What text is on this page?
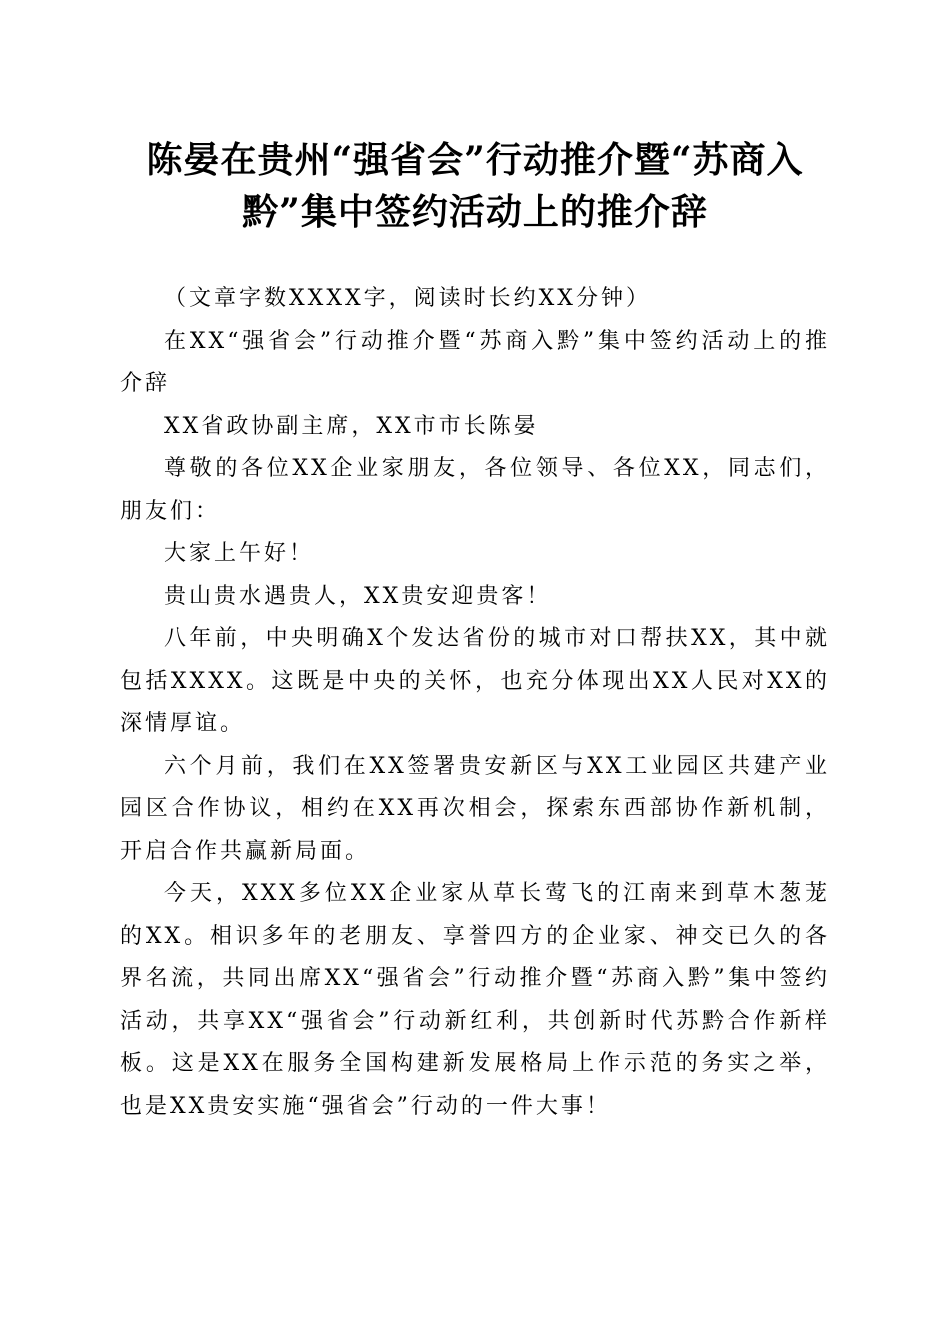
陈晏在贵州“强省会”行动推介暨“苏商入
黔”集中签约活动上的推介辞

（文章字数XXXX字，阅读时长约XX分钟）

在XX“强省会”行动推介暨“苏商入黔”集中签约活动上的推介辞

XX省政协副主席，XX市市长陈晏

尊敬的各位XX企业家朋友，各位领导、各位XX，同志们，朋友们：

大家上午好！

贵山贵水遇贵人，XX贵安迎贵客！

八年前，中央明确X个发达省份的城市对口帮扶XX，其中就包括XXXX。这既是中央的关怀，也充分体现出XX人民对XX的深情厚谊。

六个月前，我们在XX签署贵安新区与XX工业园区共建产业园区合作协议，相约在XX再次相会，探索东西部协作新机制，开启合作共赢新局面。

今天，XXX多位XX企业家从草长莺飞的江南来到草木葱茏的XX。相识多年的老朋友、享誉四方的企业家、神交已久的各界名流，共同出席XX“强省会”行动推介暨“苏商入黔”集中签约活动，共享XX“强省会”行动新红利，共创新时代苏黔合作新样板。这是XX在服务全国构建新发展格局上作示范的务实之举，也是XX贵安实施“强省会”行动的一件大事！
